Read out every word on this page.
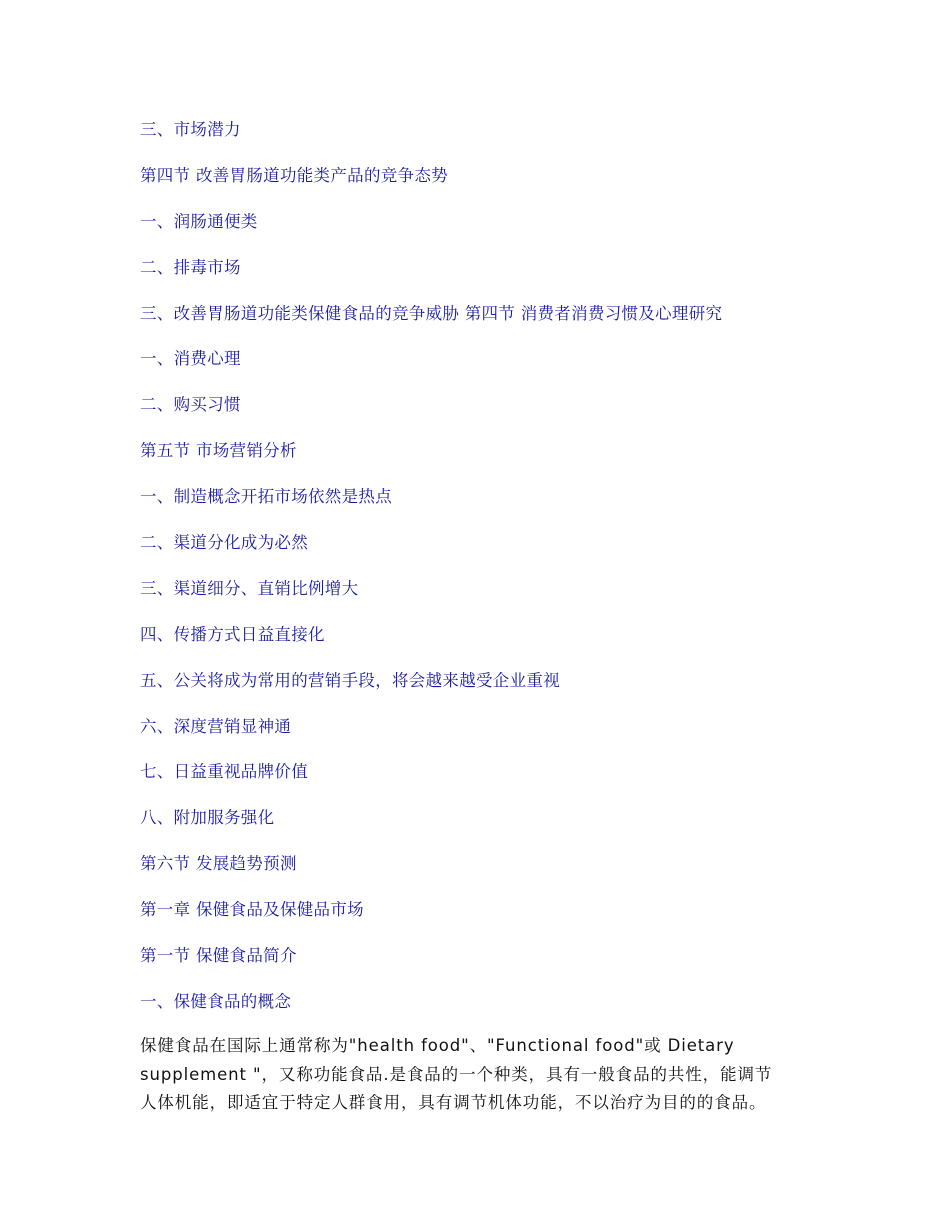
三、市场潜力
第四节 改善胃肠道功能类产品的竞争态势
一、润肠通便类
二、排毒市场
三、改善胃肠道功能类保健食品的竞争威胁 第四节 消费者消费习惯及心理研究
一、消费心理
二、购买习惯
第五节 市场营销分析
一、制造概念开拓市场依然是热点
二、渠道分化成为必然
三、渠道细分、直销比例增大
四、传播方式日益直接化
五、公关将成为常用的营销手段，将会越来越受企业重视
六、深度营销显神通
七、日益重视品牌价值
八、附加服务强化
第六节 发展趋势预测
第一章 保健食品及保健品市场
第一节 保健食品简介
一、保健食品的概念
保健食品在国际上通常称为"health food"、"Functional food"或 Dietary
supplement "，又称功能食品.是食品的一个种类，具有一般食品的共性，能调节
人体机能，即适宜于特定人群食用，具有调节机体功能，不以治疗为目的的食品。
